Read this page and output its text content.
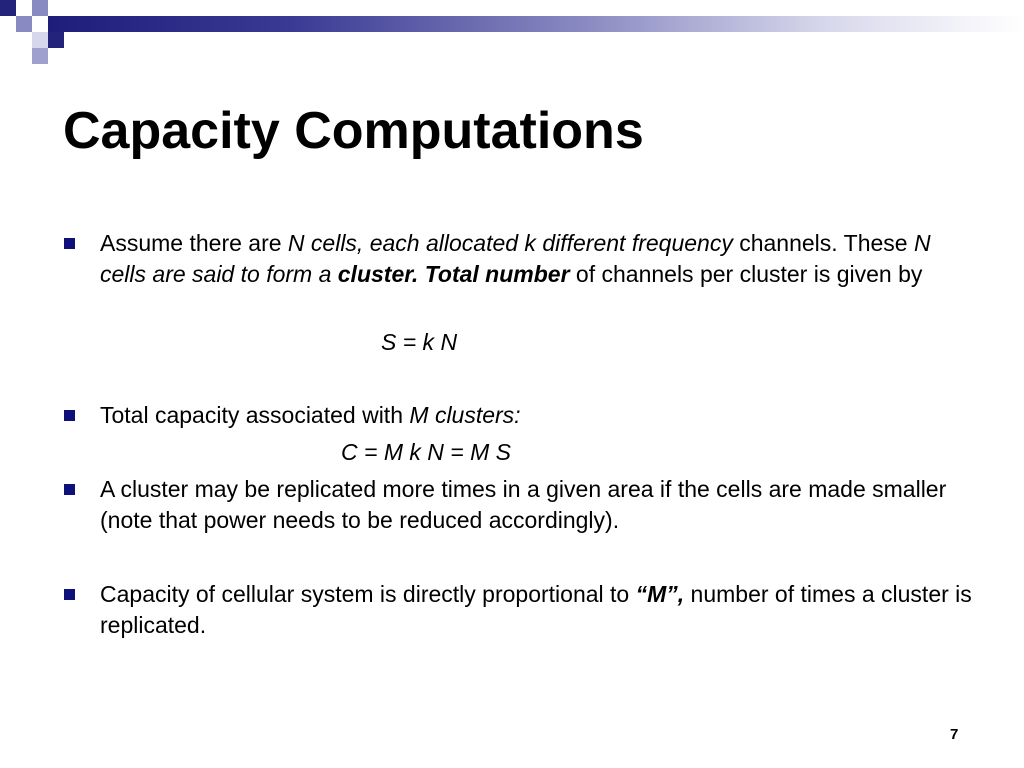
Capacity Computations
Assume there are N cells, each allocated k different frequency channels. These N cells are said to form a cluster. Total number of channels per cluster is given by
S = k N
Total capacity associated with M clusters:
C = M k N = M S
A cluster may be replicated more times in a given area if the cells are made smaller (note that power needs to be reduced accordingly).
Capacity of cellular system is directly proportional to “M”, number of times a cluster is replicated.
7
